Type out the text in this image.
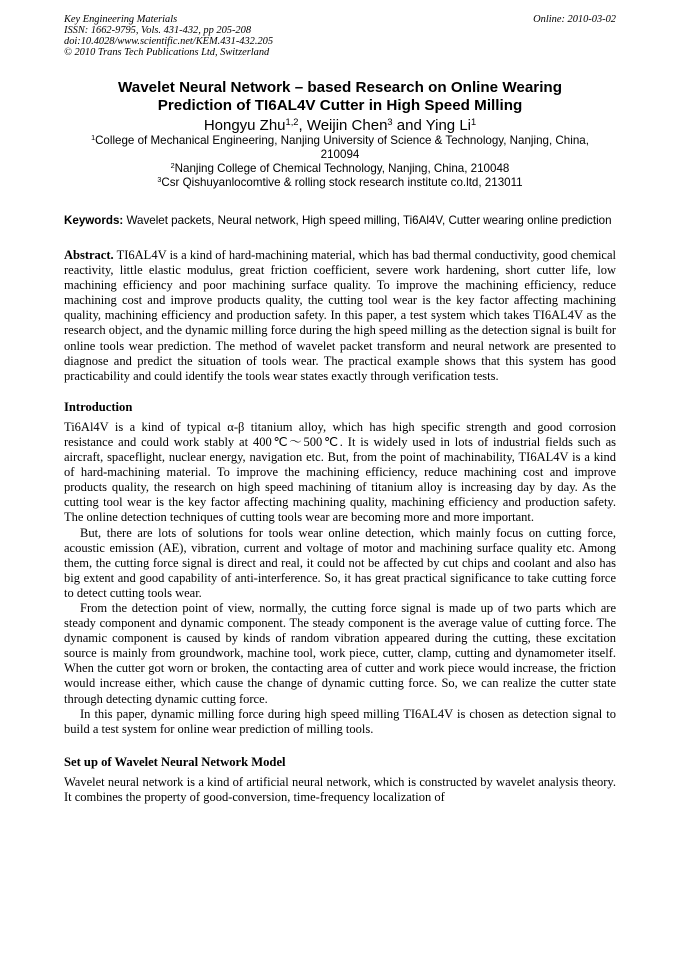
Key Engineering Materials	Online: 2010-03-02
ISSN: 1662-9795, Vols. 431-432, pp 205-208
doi:10.4028/www.scientific.net/KEM.431-432.205
© 2010 Trans Tech Publications Ltd, Switzerland
Wavelet Neural Network – based Research on Online Wearing
Prediction of TI6AL4V Cutter in High Speed Milling
Hongyu Zhu$^{1,2}$, Weijin Chen$^3$ and Ying Li$^1$
$^1$College of Mechanical Engineering, Nanjing University of Science & Technology, Nanjing, China,
210094
$^2$Nanjing College of Chemical Technology, Nanjing, China, 210048
$^3$Csr Qishuyanlocomtive & rolling stock research institute co.ltd, 213011
Keywords: Wavelet packets, Neural network, High speed milling, Ti6Al4V, Cutter wearing online prediction
Abstract. TI6AL4V is a kind of hard-machining material, which has bad thermal conductivity, good chemical reactivity, little elastic modulus, great friction coefficient, severe work hardening, short cutter life, low machining efficiency and poor machining surface quality. To improve the machining efficiency, reduce machining cost and improve products quality, the cutting tool wear is the key factor affecting machining quality, machining efficiency and production safety. In this paper, a test system which takes TI6AL4V as the research object, and the dynamic milling force during the high speed milling as the detection signal is built for online tools wear prediction. The method of wavelet packet transform and neural network are presented to diagnose and predict the situation of tools wear. The practical example shows that this system has good practicability and could identify the tools wear states exactly through verification tests.
Introduction

Ti6Al4V is a kind of typical α-β titanium alloy, which has high specific strength and good corrosion resistance and could work stably at 400℃～500℃. It is widely used in lots of industrial fields such as aircraft, spaceflight, nuclear energy, navigation etc. But, from the point of machinability, TI6AL4V is a kind of hard-machining material. To improve the machining efficiency, reduce machining cost and improve products quality, the research on high speed machining of titanium alloy is increasing day by day. As the cutting tool wear is the key factor affecting machining quality, machining efficiency and production safety. The online detection techniques of cutting tools wear are becoming more and more important.

But, there are lots of solutions for tools wear online detection, which mainly focus on cutting force, acoustic emission (AE), vibration, current and voltage of motor and machining surface quality etc. Among them, the cutting force signal is direct and real, it could not be affected by cut chips and coolant and also has big extent and good capability of anti-interference. So, it has great practical significance to take cutting force to detect cutting tools wear.

From the detection point of view, normally, the cutting force signal is made up of two parts which are steady component and dynamic component. The steady component is the average value of cutting force. The dynamic component is caused by kinds of random vibration appeared during the cutting, these excitation source is mainly from groundwork, machine tool, work piece, cutter, clamp, cutting and dynamometer itself. When the cutter got worn or broken, the contacting area of cutter and work piece would increase, the friction would increase either, which cause the change of dynamic cutting force. So, we can realize the cutter state through detecting dynamic cutting force.

In this paper, dynamic milling force during high speed milling TI6AL4V is chosen as detection signal to build a test system for online wear prediction of milling tools.

Set up of Wavelet Neural Network Model

Wavelet neural network is a kind of artificial neural network, which is constructed by wavelet analysis theory. It combines the property of good-conversion, time-frequency localization of
